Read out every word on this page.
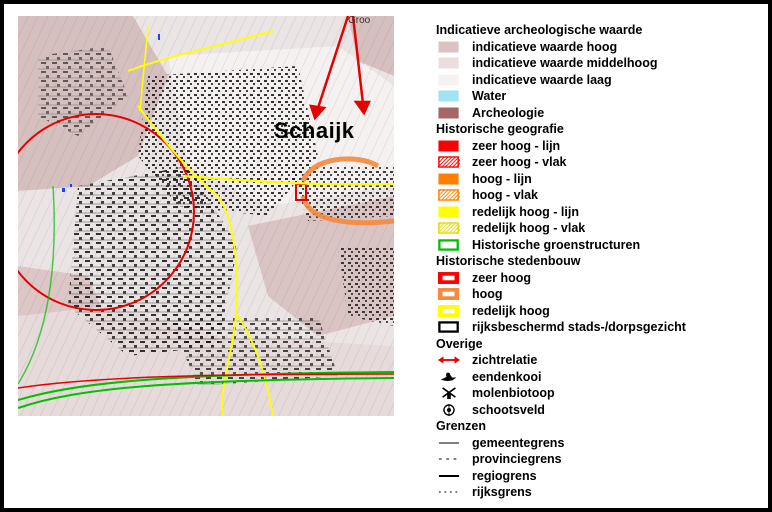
Schaijk
Groo
Indicatieve archeologische waarde
indicatieve waarde hoog
indicatieve waarde middelhoog
indicatieve waarde laag
Water
Archeologie
Historische geografie
zeer hoog - lijn
zeer hoog - vlak
hoog - lijn
hoog - vlak
redelijk hoog - lijn
redelijk hoog - vlak
Historische groenstructuren
Historische stedenbouw
zeer hoog
hoog
redelijk hoog
rijksbeschermd stads-/dorpsgezicht
Overige
zichtrelatie
eendenkooi
molenbiotoop
schootsveld
Grenzen
gemeentegrens
provinciegrens
regiogrens
rijksgrens
